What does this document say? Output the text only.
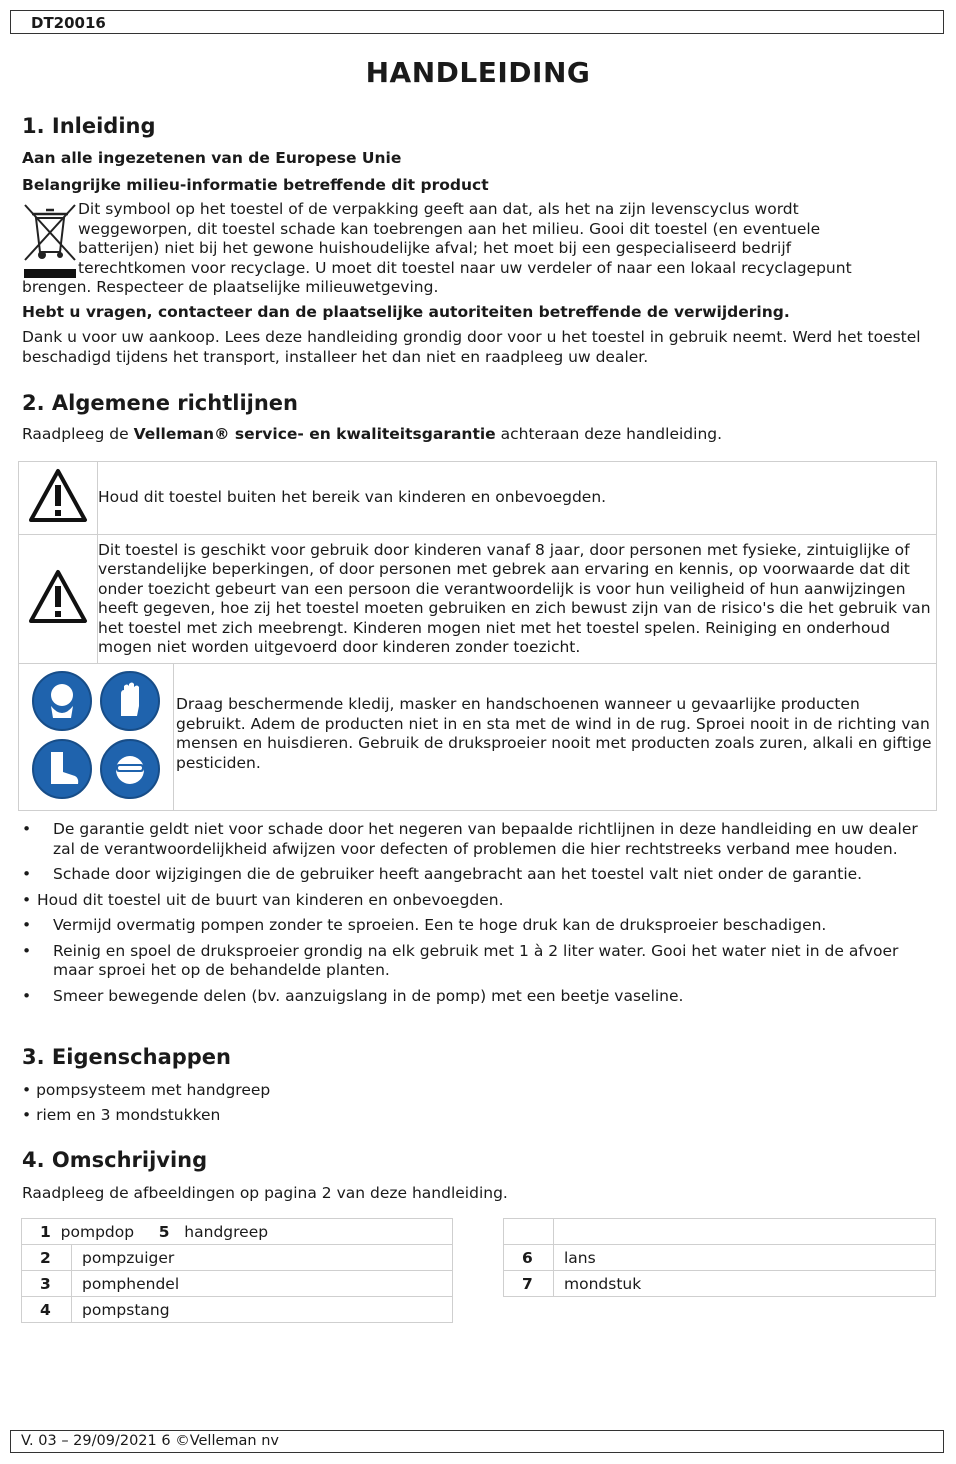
DT20016
HANDLEIDING
1. Inleiding
Aan alle ingezetenen van de Europese Unie
Belangrijke milieu-informatie betreffende dit product
Dit symbool op het toestel of de verpakking geeft aan dat, als het na zijn levenscyclus wordt
weggeworpen, dit toestel schade kan toebrengen aan het milieu. Gooi dit toestel (en eventuele
batterijen) niet bij het gewone huishoudelijke afval; het moet bij een gespecialiseerd bedrijf
terechtkomen voor recyclage. U moet dit toestel naar uw verdeler of naar een lokaal recyclagepunt
brengen. Respecteer de plaatselijke milieuwetgeving.
Hebt u vragen, contacteer dan de plaatselijke autoriteiten betreffende de verwijdering.
Dank u voor uw aankoop. Lees deze handleiding grondig door voor u het toestel in gebruik neemt. Werd het toestel beschadigd tijdens het transport, installeer het dan niet en raadpleeg uw dealer.
2. Algemene richtlijnen
Raadpleeg de Velleman® service- en kwaliteitsgarantie achteraan deze handleiding.
	Houd dit toestel buiten het bereik van kinderen en onbevoegden.
	Dit toestel is geschikt voor gebruik door kinderen vanaf 8 jaar, door personen met fysieke, zintuiglijke of verstandelijke beperkingen, of door personen met gebrek aan ervaring en kennis, op voorwaarde dat dit onder toezicht gebeurt van een persoon die verantwoordelijk is voor hun veiligheid of hun aanwijzingen heeft gegeven, hoe zij het toestel moeten gebruiken en zich bewust zijn van de risico's die het gebruik van het toestel met zich meebrengt. Kinderen mogen niet met het toestel spelen. Reiniging en onderhoud mogen niet worden uitgevoerd door kinderen zonder toezicht.

Draag beschermende kledij, masker en handschoenen wanneer u gevaarlijke producten gebruikt. Adem de producten niet in en sta met de wind in de rug. Sproei nooit in de richting van mensen en huisdieren. Gebruik de druksproeier nooit met producten zoals zuren, alkali en giftige pesticiden.	
• De garantie geldt niet voor schade door het negeren van bepaalde richtlijnen in deze handleiding en uw dealer zal de verantwoordelijkheid afwijzen voor defecten of problemen die hier rechtstreeks verband mee houden.
• Schade door wijzigingen die de gebruiker heeft aangebracht aan het toestel valt niet onder de garantie.
• Houd dit toestel uit de buurt van kinderen en onbevoegden.
• Vermijd overmatig pompen zonder te sproeien. Een te hoge druk kan de druksproeier beschadigen.
• Reinig en spoel de druksproeier grondig na elk gebruik met 1 à 2 liter water. Gooi het water niet in de afvoer maar sproei het op de behandelde planten.
• Smeer bewegende delen (bv. aanzuigslang in de pomp) met een beetje vaseline.
3. Eigenschappen
• pompsysteem met handgreep
• riem en 3 mondstukken
4. Omschrijving
Raadpleeg de afbeeldingen op pagina 2 van deze handleiding.
1 pompdop 5 handgreep	
2	pompzuiger
3	pomphendel
4	pompstang

6	lans
7	mondstuk
V. 03 – 29/09/2021 6 ©Velleman nv
